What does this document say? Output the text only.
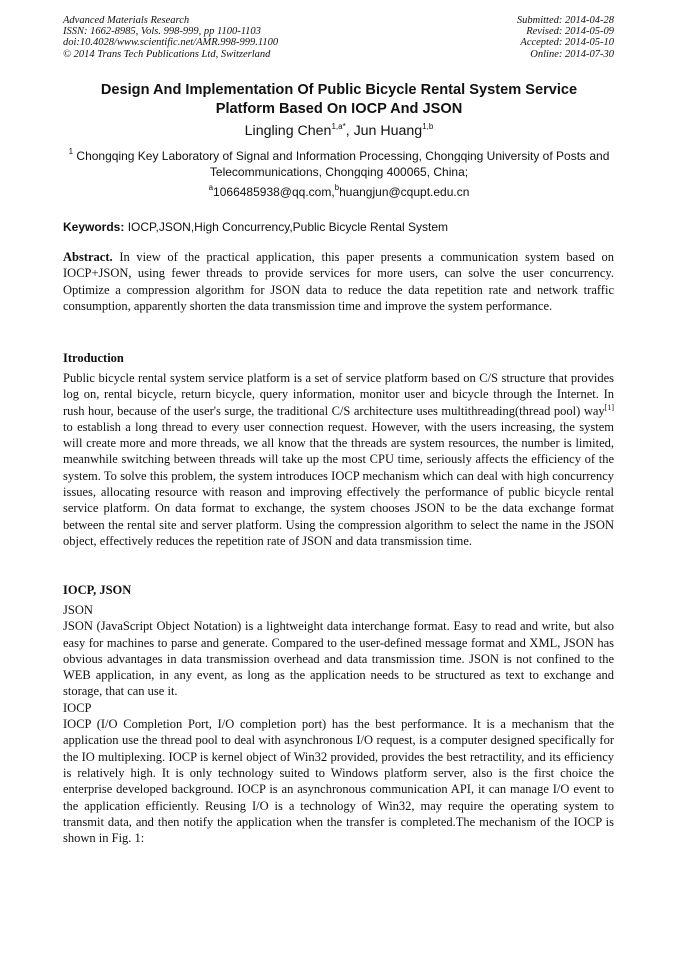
Advanced Materials Research
ISSN: 1662-8985, Vols. 998-999, pp 1100-1103
doi:10.4028/www.scientific.net/AMR.998-999.1100
© 2014 Trans Tech Publications Ltd, Switzerland
Submitted: 2014-04-28
Revised: 2014-05-09
Accepted: 2014-05-10
Online: 2014-07-30
Design And Implementation Of Public Bicycle Rental System Service
Platform Based On IOCP And JSON
Lingling Chen$^{1,a*}$, Jun Huang$^{1,b}$
$^1$ Chongqing Key Laboratory of Signal and Information Processing, Chongqing University of Posts and Telecommunications, Chongqing 400065, China;
$^a$1066485938@qq.com,$^b$huangjun@cqupt.edu.cn
Keywords: IOCP,JSON,High Concurrency,Public Bicycle Rental System

Abstract. In view of the practical application, this paper presents a communication system based on IOCP+JSON, using fewer threads to provide services for more users, can solve the user concurrency. Optimize a compression algorithm for JSON data to reduce the data repetition rate and network traffic consumption, apparently shorten the data transmission time and improve the system performance.

Itroduction

Public bicycle rental system service platform is a set of service platform based on C/S structure that provides log on, rental bicycle, return bicycle, query information, monitor user and bicycle through the Internet. In rush hour, because of the user's surge, the traditional C/S architecture uses multithreading(thread pool) way[1] to establish a long thread to every user connection request. However, with the users increasing, the system will create more and more threads, we all know that the threads are system resources, the number is limited, meanwhile switching between threads will take up the most CPU time, seriously affects the efficiency of the system. To solve this problem, the system introduces IOCP mechanism which can deal with high concurrency issues, allocating resource with reason and improving effectively the performance of public bicycle rental service platform. On data format to exchange, the system chooses JSON to be the data exchange format between the rental site and server platform. Using the compression algorithm to select the name in the JSON object, effectively reduces the repetition rate of JSON and data transmission time.

IOCP, JSON

JSON

JSON (JavaScript Object Notation) is a lightweight data interchange format. Easy to read and write, but also easy for machines to parse and generate. Compared to the user-defined message format and XML, JSON has obvious advantages in data transmission overhead and data transmission time. JSON is not confined to the WEB application, in any event, as long as the application needs to be structured as text to exchange and storage, that can use it.

IOCP

IOCP (I/O Completion Port, I/O completion port) has the best performance. It is a mechanism that the application use the thread pool to deal with asynchronous I/O request, is a computer designed specifically for the IO multiplexing. IOCP is kernel object of Win32 provided, provides the best retractility, and its efficiency is relatively high. It is only technology suited to Windows platform server, also is the first choice the enterprise developed background. IOCP is an asynchronous communication API, it can manage I/O event to the application efficiently. Reusing I/O is a technology of Win32, may require the operating system to transmit data, and then notify the application when the transfer is completed.The mechanism of the IOCP is shown in Fig. 1:
